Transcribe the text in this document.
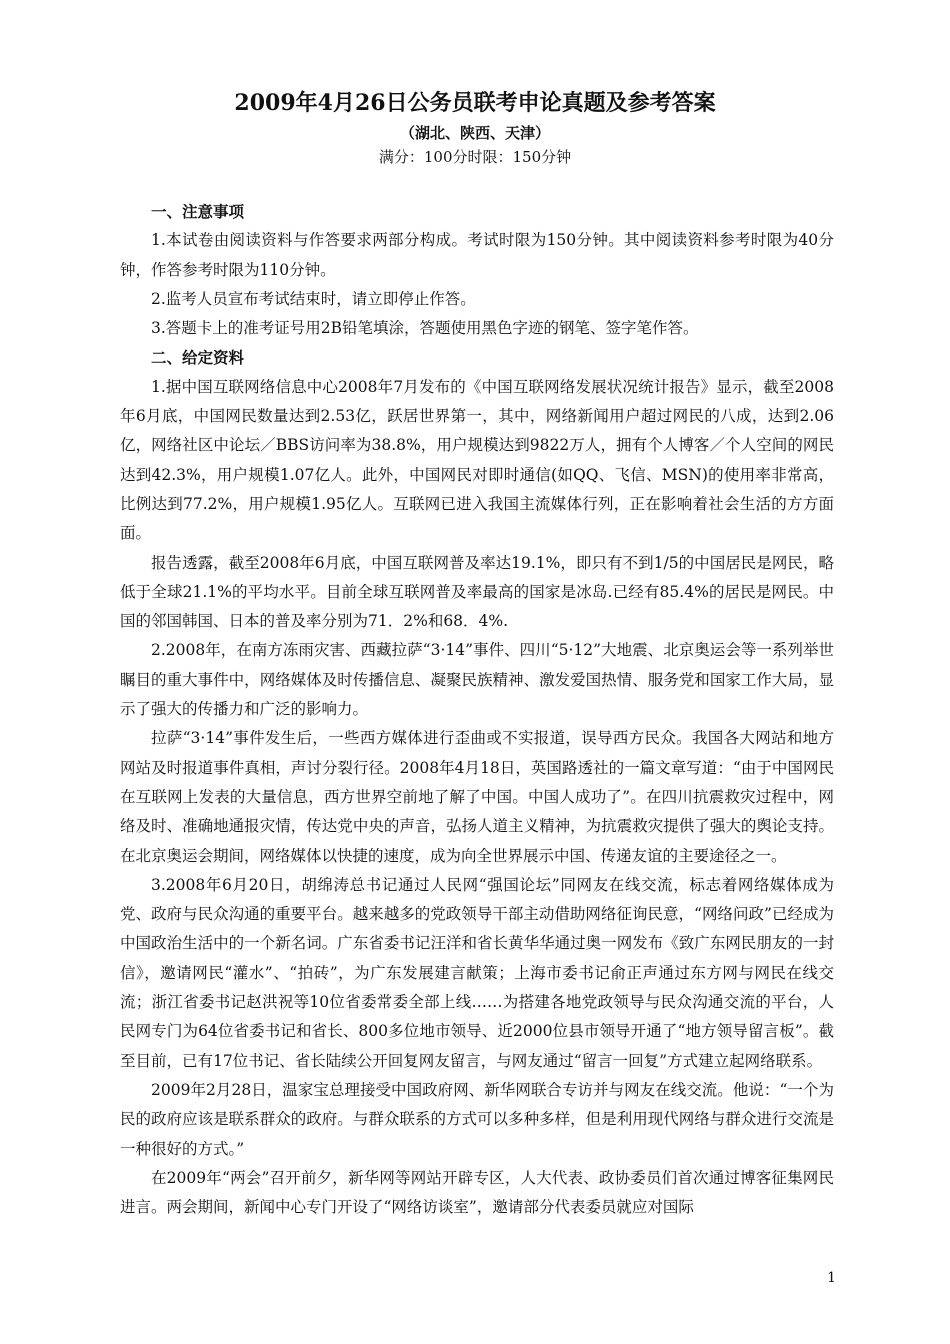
2009年4月26日公务员联考申论真题及参考答案
（湖北、陕西、天津）
满分：100分时限：150分钟
一、注意事项

1.本试卷由阅读资料与作答要求两部分构成。考试时限为150分钟。其中阅读资料参考时限为40分钟，作答参考时限为110分钟。

2.监考人员宣布考试结束时，请立即停止作答。

3.答题卡上的准考证号用2B铅笔填涂，答题使用黑色字迹的钢笔、签字笔作答。

二、给定资料

1.据中国互联网络信息中心2008年7月发布的《中国互联网络发展状况统计报告》显示，截至2008年6月底，中国网民数量达到2.53亿，跃居世界第一，其中，网络新闻用户超过网民的八成，达到2.06亿，网络社区中论坛／BBS访问率为38.8%，用户规模达到9822万人，拥有个人博客／个人空间的网民达到42.3%，用户规模1.07亿人。此外，中国网民对即时通信(如QQ、飞信、MSN)的使用率非常高，比例达到77.2%，用户规模1.95亿人。互联网已进入我国主流媒体行列，正在影响着社会生活的方方面面。

报告透露，截至2008年6月底，中国互联网普及率达19.1%，即只有不到1/5的中国居民是网民，略低于全球21.1%的平均水平。目前全球互联网普及率最高的国家是冰岛.已经有85.4%的居民是网民。中国的邻国韩国、日本的普及率分别为71．2%和68．4%.

2.2008年，在南方冻雨灾害、西藏拉萨“3·14”事件、四川“5·12”大地震、北京奥运会等一系列举世瞩目的重大事件中，网络媒体及时传播信息、凝聚民族精神、激发爱国热情、服务党和国家工作大局，显示了强大的传播力和广泛的影响力。

拉萨“3·14”事件发生后，一些西方媒体进行歪曲或不实报道，误导西方民众。我国各大网站和地方网站及时报道事件真相，声讨分裂行径。2008年4月18日，英国路透社的一篇文章写道：“由于中国网民在互联网上发表的大量信息，西方世界空前地了解了中国。中国人成功了”。在四川抗震救灾过程中，网络及时、准确地通报灾情，传达党中央的声音，弘扬人道主义精神，为抗震救灾提供了强大的舆论支持。在北京奥运会期间，网络媒体以快捷的速度，成为向全世界展示中国、传递友谊的主要途径之一。

3.2008年6月20日，胡绵涛总书记通过人民网“强国论坛”同网友在线交流，标志着网络媒体成为党、政府与民众沟通的重要平台。越来越多的党政领导干部主动借助网络征询民意，“网络问政”已经成为中国政治生活中的一个新名词。广东省委书记汪洋和省长黄华华通过奥一网发布《致广东网民朋友的一封信》，邀请网民“灌水”、“拍砖”，为广东发展建言献策；上海市委书记俞正声通过东方网与网民在线交流；浙江省委书记赵洪祝等10位省委常委全部上线……为搭建各地党政领导与民众沟通交流的平台，人民网专门为64位省委书记和省长、800多位地市领导、近2000位县市领导开通了“地方领导留言板”。截至目前，已有17位书记、省长陆续公开回复网友留言，与网友通过“留言一回复”方式建立起网络联系。

2009年2月28日，温家宝总理接受中国政府网、新华网联合专访并与网友在线交流。他说：“一个为民的政府应该是联系群众的政府。与群众联系的方式可以多种多样，但是利用现代网络与群众进行交流是一种很好的方式。”

在2009年“两会”召开前夕，新华网等网站开辟专区，人大代表、政协委员们首次通过博客征集网民进言。两会期间，新闻中心专门开设了“网络访谈室”，邀请部分代表委员就应对国际

1
